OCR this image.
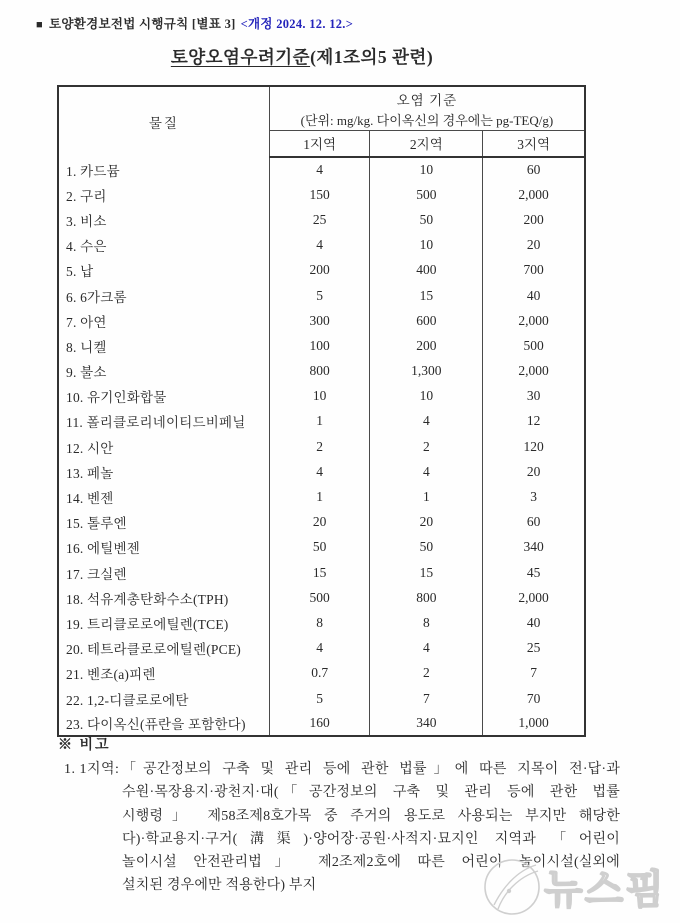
■ 토양환경보전법 시행규칙 [별표 3] <개정 2024. 12. 12.>
토양오염우려기준(제1조의5 관련)
물질	오염 기준
(단위: mg/kg. 다이옥신의 경우에는 pg-TEQ/g)		

	1지역	2지역	3지역
1. 카드뮴	4	10	60
2. 구리	150	500	2,000
3. 비소	25	50	200
4. 수은	4	10	20
5. 납	200	400	700
6. 6가크롬	5	15	40
7. 아연	300	600	2,000
8. 니켈	100	200	500
9. 불소	800	1,300	2,000
10. 유기인화합물	10	10	30
11. 폴리클로리네이티드비페닐	1	4	12
12. 시안	2	2	120
13. 페놀	4	4	20
14. 벤젠	1	1	3
15. 톨루엔	20	20	60
16. 에틸벤젠	50	50	340
17. 크실렌	15	15	45
18. 석유계총탄화수소(TPH)	500	800	2,000
19. 트리클로로에틸렌(TCE)	8	8	40
20. 테트라클로로에틸렌(PCE)	4	4	25
21. 벤조(a)피렌	0.7	2	7
22. 1,2-디클로로에탄	5	7	70
23. 다이옥신(퓨란을 포함한다)	160	340	1,000
※ 비고
1. 1지역: 「공간정보의 구축 및 관리 등에 관한 법률」에 따른 지목이 전·답·과
수원·목장용지·광천지·대(「공간정보의 구축 및 관리 등에 관한 법률
시행령」 제58조제8호가목 중 주거의 용도로 사용되는 부지만 해당한
다)·학교용지·구거(溝渠)·양어장·공원·사적지·묘지인 지역과 「어린이
놀이시설 안전관리법」 제2조제2호에 따른 어린이 놀이시설(실외에
설치된 경우에만 적용한다) 부지	뉴스핌
